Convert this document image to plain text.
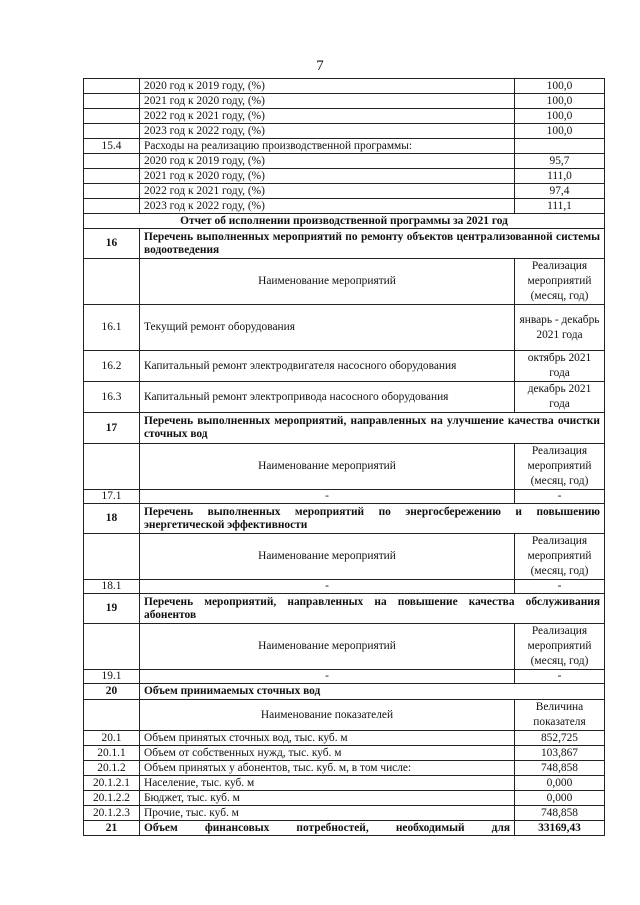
7
	2020 год к 2019 году, (%)	100,0
	2021 год к 2020 году, (%)	100,0
	2022 год к 2021 году, (%)	100,0
	2023 год к 2022 году, (%)	100,0
15.4	Расходы на реализацию производственной программы:	
	2020 год к 2019 году, (%)	95,7
	2021 год к 2020 году, (%)	111,0
	2022 год к 2021 году, (%)	97,4
	2023 год к 2022 году, (%)	111,1
Отчет об исполнении производственной программы за 2021 год		
16	Перечень выполненных мероприятий по ремонту объектов централизованной системы водоотведения	
	Наименование мероприятий	Реализация мероприятий (месяц, год)
16.1	Текущий ремонт оборудования	январь - декабрь 2021 года
16.2	Капитальный ремонт электродвигателя насосного оборудования	октябрь 2021 года
16.3	Капитальный ремонт электропривода насосного оборудования	декабрь 2021 года
17	Перечень выполненных мероприятий, направленных на улучшение качества очистки сточных вод	
	Наименование мероприятий	Реализация мероприятий (месяц, год)
17.1	-	-
18	Перечень выполненных мероприятий по энергосбережению и повышению энергетической эффективности	
	Наименование мероприятий	Реализация мероприятий (месяц, год)
18.1	-	-
19	Перечень мероприятий, направленных на повышение качества обслуживания абонентов	
	Наименование мероприятий	Реализация мероприятий (месяц, год)
19.1	-	-
20	Объем принимаемых сточных вод	
	Наименование показателей	Величина показателя
20.1	Объем принятых сточных вод, тыс. куб. м	852,725
20.1.1	Объем от собственных нужд, тыс. куб. м	103,867
20.1.2	Объем принятых у абонентов, тыс. куб. м, в том числе:	748,858
20.1.2.1	Население, тыс. куб. м	0,000
20.1.2.2	Бюджет, тыс. куб. м	0,000
20.1.2.3	Прочие, тыс. куб. м	748,858
21	Объем финансовых потребностей, необходимый для	33169,43
